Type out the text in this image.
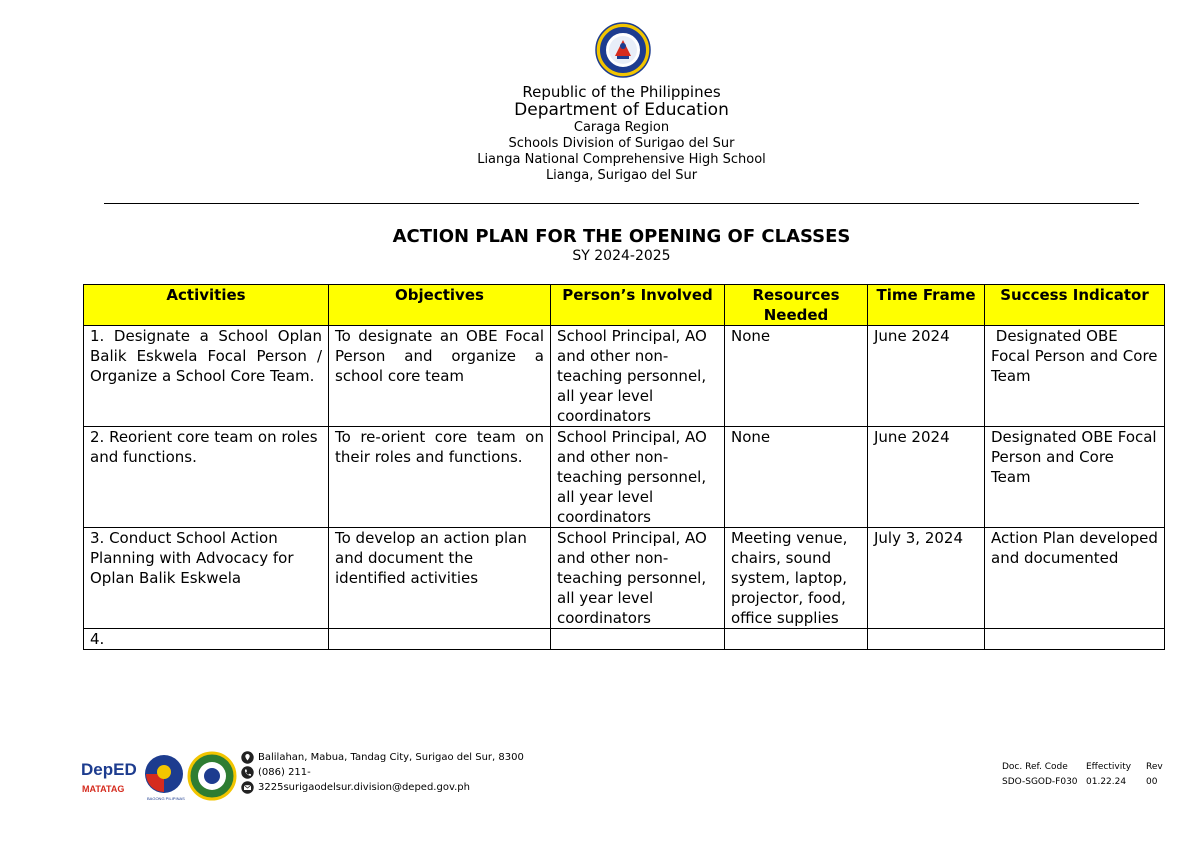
Republic of the Philippines
Department of Education
Caraga Region
Schools Division of Surigao del Sur
Lianga National Comprehensive High School
Lianga, Surigao del Sur
ACTION PLAN FOR THE OPENING OF CLASSES
SY 2024-2025
Activities	Objectives	Person’s Involved	Resources Needed	Time Frame	Success Indicator
1. Designate a School Oplan Balik Eskwela Focal Person / Organize a School Core Team.	To designate an OBE Focal Person and organize a school core team	School Principal, AO and other non-teaching personnel, all year level coordinators	None	June 2024	Designated OBE Focal Person and Core Team
2. Reorient core team on roles and functions.	To re-orient core team on their roles and functions.	School Principal, AO and other non-teaching personnel, all year level coordinators	None	June 2024	Designated OBE Focal Person and Core Team
3. Conduct School Action Planning with Advocacy for Oplan Balik Eskwela	To develop an action plan and document the identified activities	School Principal, AO and other non-teaching personnel, all year level coordinators	Meeting venue, chairs, sound system, laptop, projector, food, office supplies	July 3, 2024	Action Plan developed and documented
4.					
DepED
MATATAG
BAGONG PILIPINAS
Balilahan, Mabua, Tandag City, Surigao del Sur, 8300
(086) 211-
3225surigaodelsur.division@deped.gov.ph
Doc. Ref. Code Effectivity Rev
SDO-SGOD-F030 01.22.24 00
